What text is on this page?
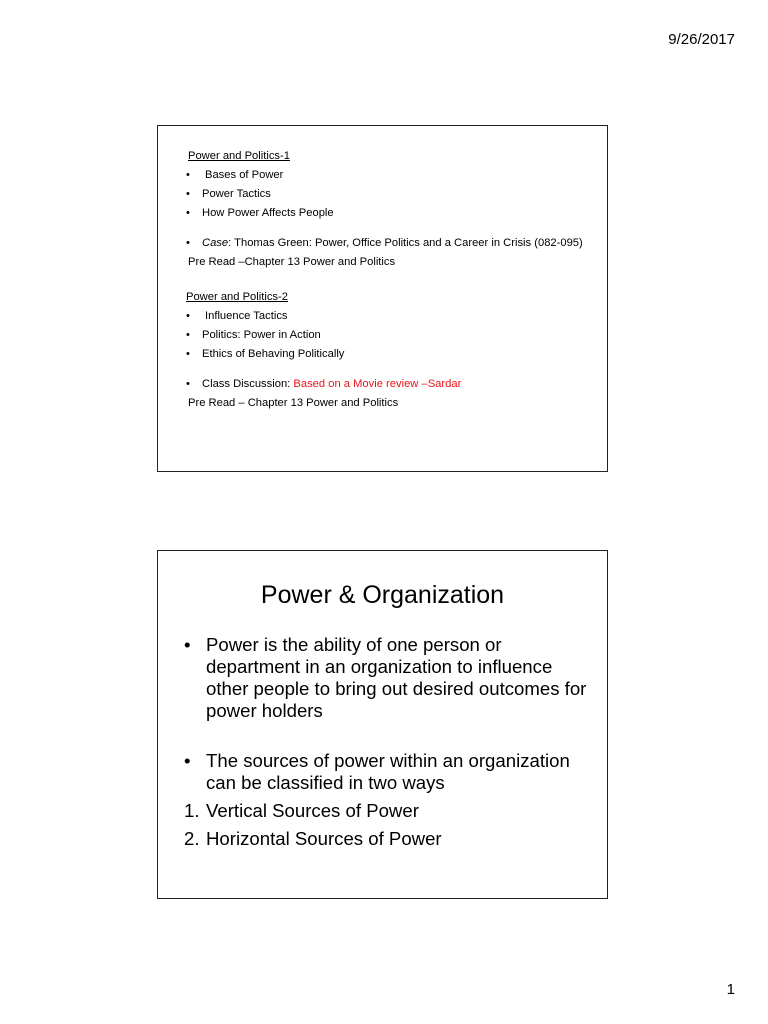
9/26/2017
Power and Politics-1
• Bases of Power
• Power Tactics
• How Power Affects People
• Case: Thomas Green: Power, Office Politics and a Career in Crisis (082-095)
Pre Read –Chapter 13 Power and Politics
Power and Politics-2
• Influence Tactics
• Politics: Power in Action
• Ethics of Behaving Politically
• Class Discussion: Based on a Movie review –Sardar
Pre Read – Chapter 13 Power and Politics
Power & Organization
• Power is the ability of one person or department in an organization to influence other people to bring out desired outcomes for power holders
• The sources of power within an organization can be classified in two ways
1. Vertical Sources of Power
2. Horizontal Sources of Power
1
